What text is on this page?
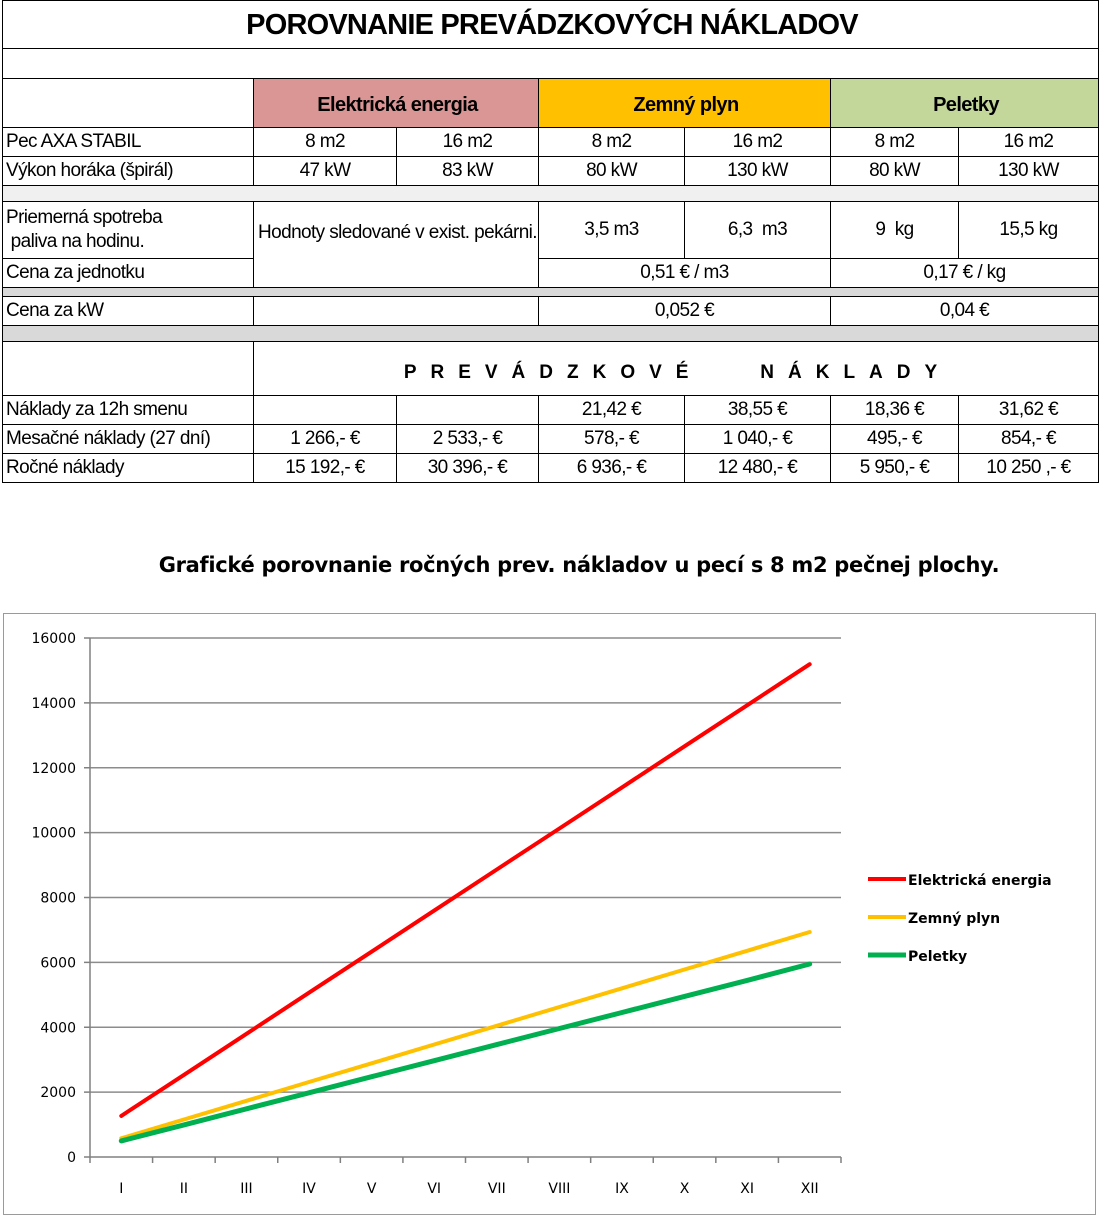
POROVNANIE PREVÁDZKOVÝCH NÁKLADOV						

	Elektrická energia		Zemný plyn		Peletky	
Pec AXA STABIL	8 m2	16 m2	8 m2	16 m2	8 m2	16 m2
Výkon horáka (špirál)	47 kW	83 kW	80 kW	130 kW	80 kW	130 kW

Priemerná spotreba
paliva na hodinu.	Hodnoty sledované v exist. pekárni.		3,5 m3	6,3  m3	9  kg	15,5 kg
Cena za jednotku			0,51 € / m3		0,17 € / kg	

Cena za kW			0,052 €		0,04 €	

	PREVÁDZKOVÉ   NÁKLADY					
Náklady za 12h smenu			21,42 €	38,55 €	18,36 €	31,62 €
Mesačné náklady (27 dní)	1 266,- €	2 533,- €	578,- €	1 040,- €	495,- €	854,- €
Ročné náklady	15 192,- €	30 396,- €	6 936,- €	12 480,- €	5 950,- €	10 250 ,- €
Grafické porovnanie ročných prev. nákladov u pecí s 8 m2 pečnej plochy.
0
2000
4000
6000
8000
10000
12000
14000
16000
I	II	III	IV	V	VI	VII	VIII	IX	X	XI	XII
Elektrická energia
Zemný plyn
Peletky
